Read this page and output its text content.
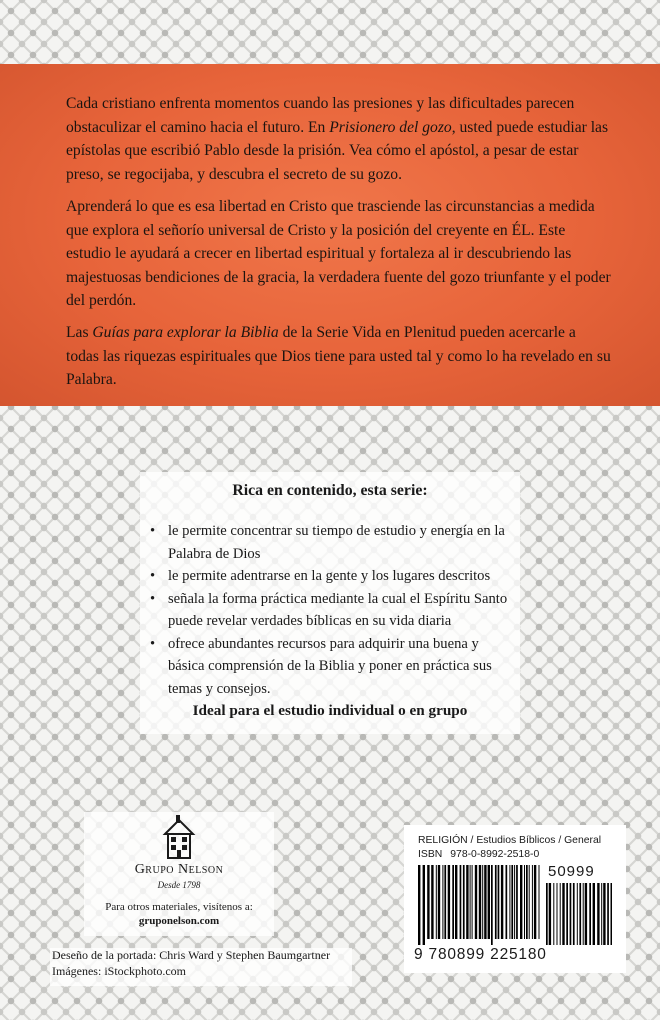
Cada cristiano enfrenta momentos cuando las presiones y las dificultades parecen obstaculizar el camino hacia el futuro. En Prisionero del gozo, usted puede estudiar las epístolas que escribió Pablo desde la prisión. Vea cómo el apóstol, a pesar de estar preso, se regocijaba, y descubra el secreto de su gozo.

Aprenderá lo que es esa libertad en Cristo que trasciende las circunstancias a medida que explora el señorío universal de Cristo y la posición del creyente en ÉL. Este estudio le ayudará a crecer en libertad espiritual y fortaleza al ir descubriendo las majestuosas bendiciones de la gracia, la verdadera fuente del gozo triunfante y el poder del perdón.

Las Guías para explorar la Biblia de la Serie Vida en Plenitud pueden acercarle a todas las riquezas espirituales que Dios tiene para usted tal y como lo ha revelado en su Palabra.

Rica en contenido, esta serie:
• le permite concentrar su tiempo de estudio y energía en la Palabra de Dios
• le permite adentrarse en la gente y los lugares descritos
• señala la forma práctica mediante la cual el Espíritu Santo puede revelar verdades bíblicas en su vida diaria
• ofrece abundantes recursos para adquirir una buena y básica comprensión de la Biblia y poner en práctica sus temas y consejos.
Ideal para el estudio individual o en grupo
Grupo Nelson
Desde 1798
Para otros materiales, visítenos a:
gruponelson.com
Deseño de la portada: Chris Ward y Stephen Baumgartner
Imágenes: iStockphoto.com
RELIGIÓN / Estudios Bíblicos / General
ISBN 978-0-8992-2518-0
50999
9 780899 225180
